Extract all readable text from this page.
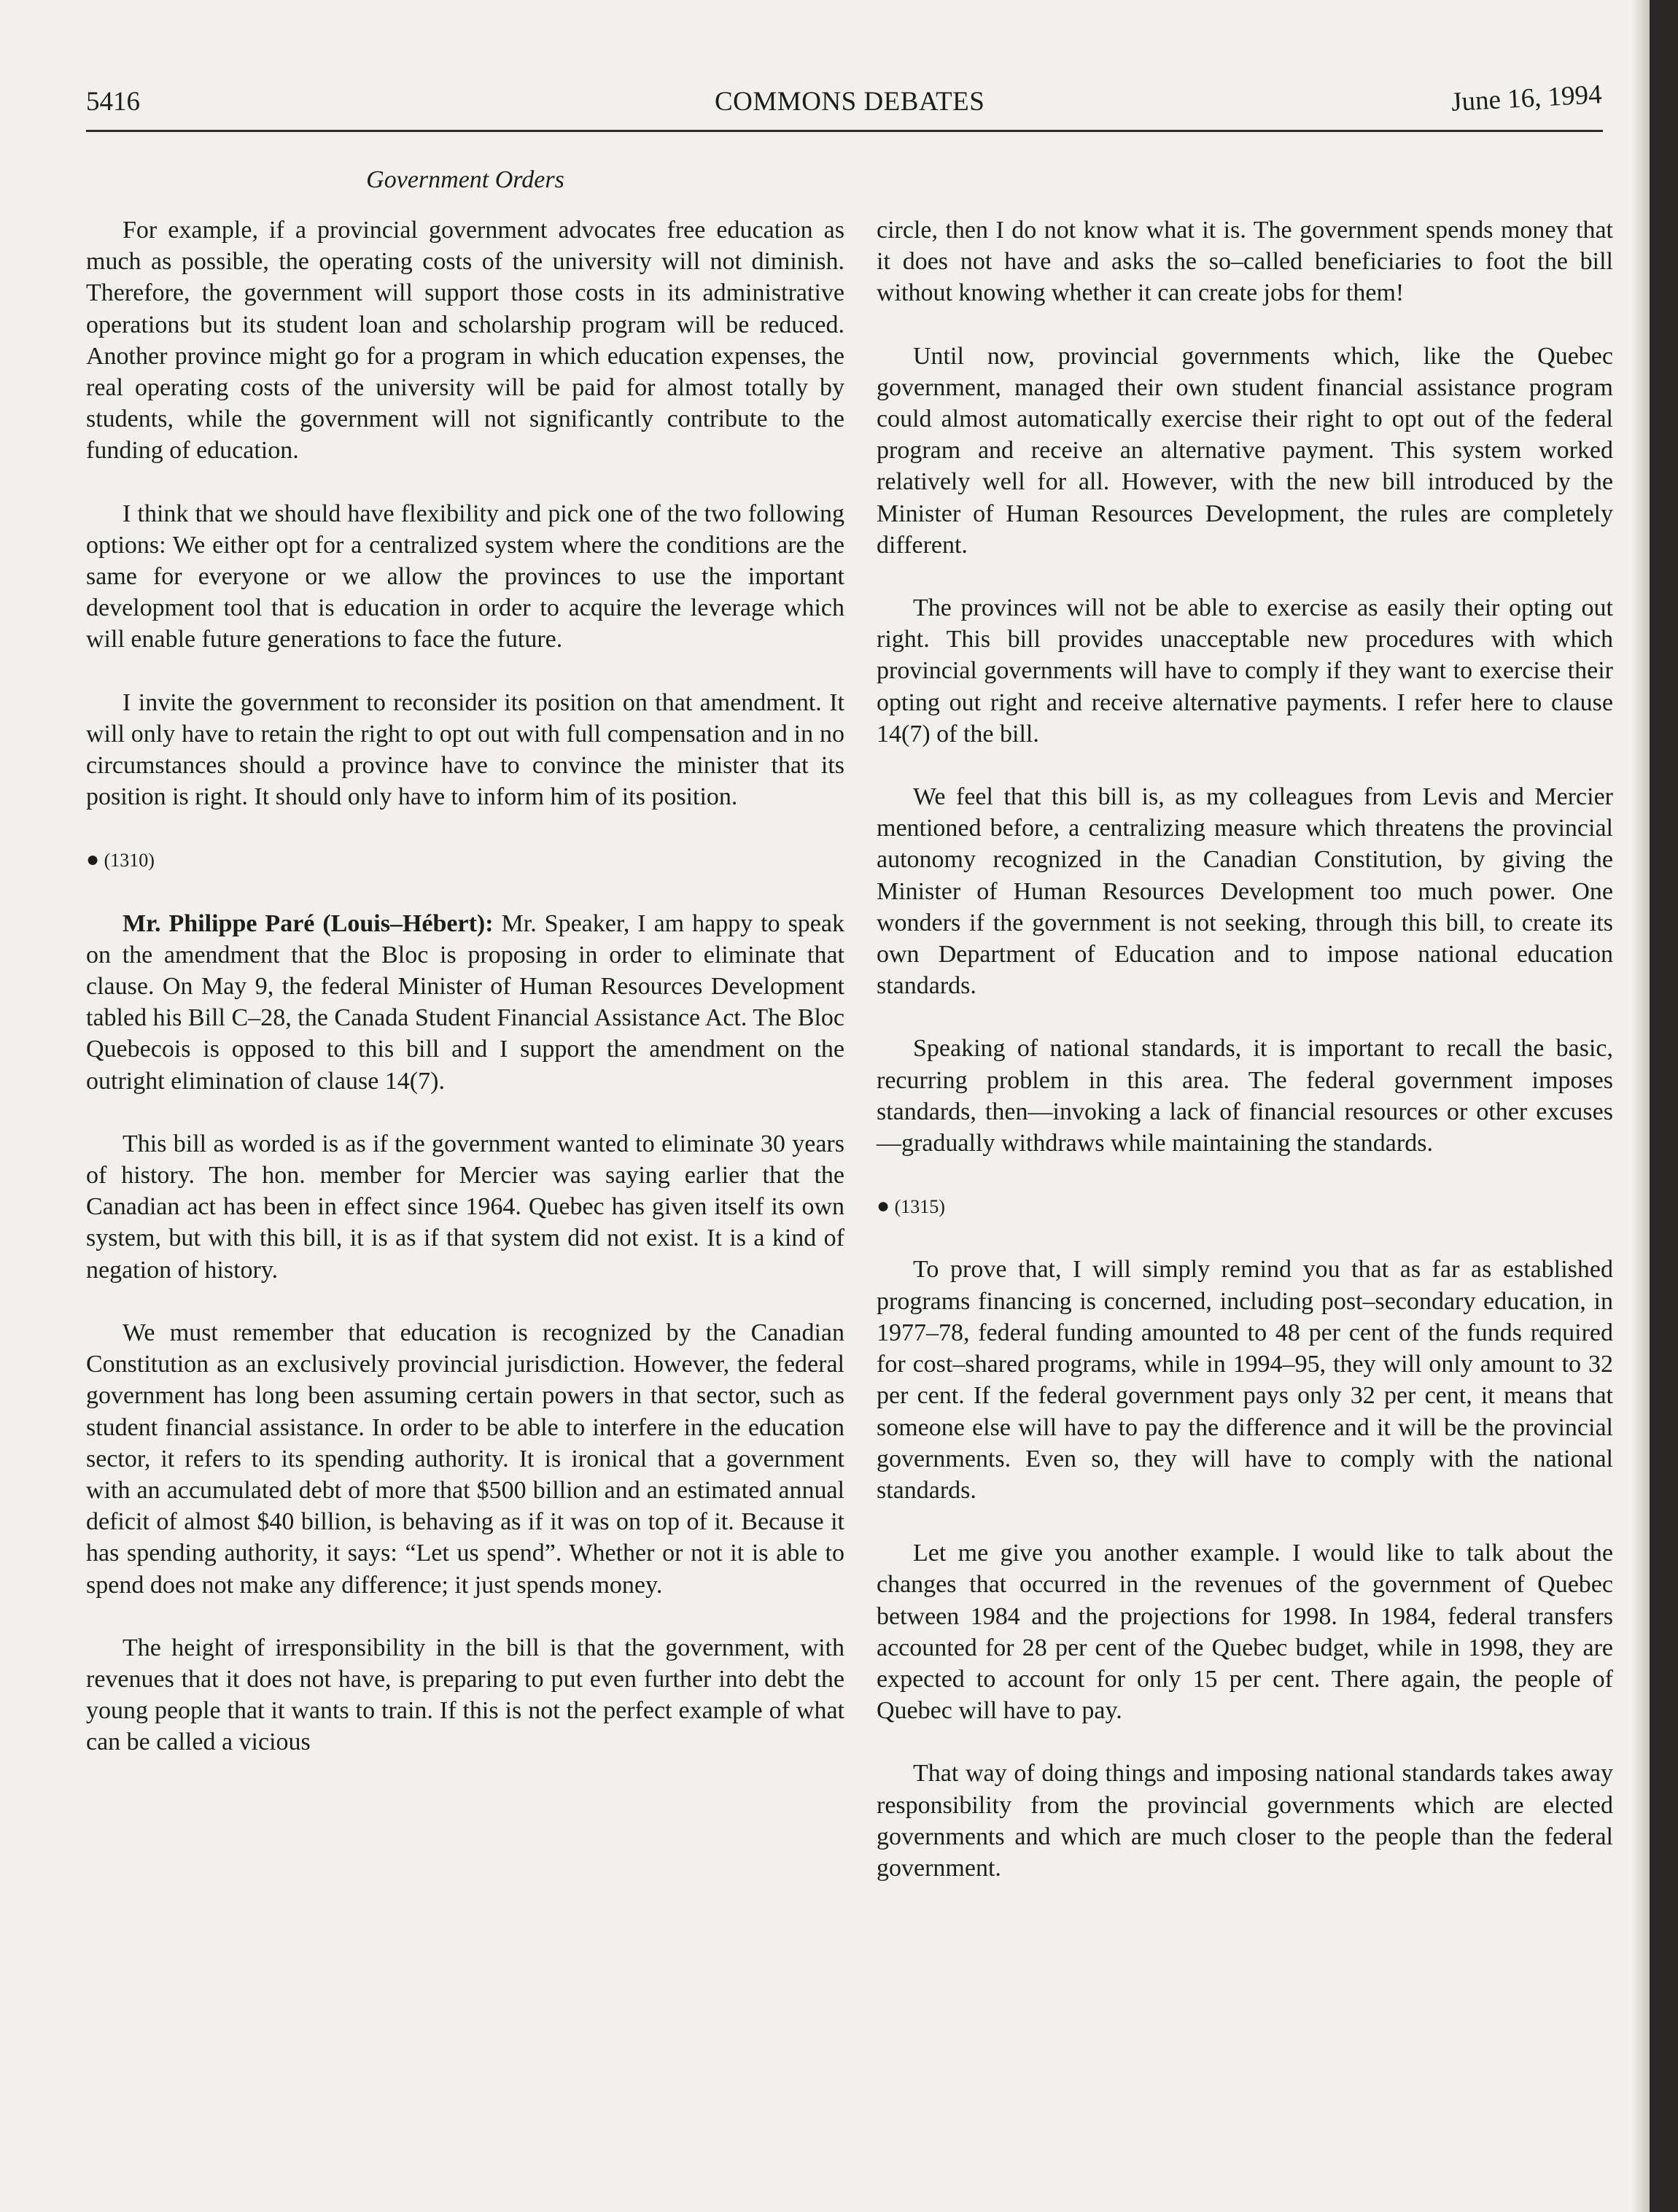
5416	COMMONS DEBATES	June 16, 1994
Government Orders

For example, if a provincial government advocates free education as much as possible, the operating costs of the university will not diminish. Therefore, the government will support those costs in its administrative operations but its student loan and scholarship program will be reduced. Another province might go for a program in which education expenses, the real operating costs of the university will be paid for almost totally by students, while the government will not significantly contribute to the funding of education.

I think that we should have flexibility and pick one of the two following options: We either opt for a centralized system where the conditions are the same for everyone or we allow the provinces to use the important development tool that is education in order to acquire the leverage which will enable future generations to face the future.

I invite the government to reconsider its position on that amendment. It will only have to retain the right to opt out with full compensation and in no circumstances should a province have to convince the minister that its position is right. It should only have to inform him of its position.

● (1310)

Mr. Philippe Paré (Louis–Hébert): Mr. Speaker, I am happy to speak on the amendment that the Bloc is proposing in order to eliminate that clause. On May 9, the federal Minister of Human Resources Development tabled his Bill C–28, the Canada Student Financial Assistance Act. The Bloc Quebecois is opposed to this bill and I support the amendment on the outright elimination of clause 14(7).

This bill as worded is as if the government wanted to eliminate 30 years of history. The hon. member for Mercier was saying earlier that the Canadian act has been in effect since 1964. Quebec has given itself its own system, but with this bill, it is as if that system did not exist. It is a kind of negation of history.

We must remember that education is recognized by the Canadian Constitution as an exclusively provincial jurisdiction. However, the federal government has long been assuming certain powers in that sector, such as student financial assistance. In order to be able to interfere in the education sector, it refers to its spending authority. It is ironical that a government with an accumulated debt of more that $500 billion and an estimated annual deficit of almost $40 billion, is behaving as if it was on top of it. Because it has spending authority, it says: “Let us spend”. Whether or not it is able to spend does not make any difference; it just spends money.

The height of irresponsibility in the bill is that the government, with revenues that it does not have, is preparing to put even further into debt the young people that it wants to train. If this is not the perfect example of what can be called a vicious

circle, then I do not know what it is. The government spends money that it does not have and asks the so–called beneficiaries to foot the bill without knowing whether it can create jobs for them!

Until now, provincial governments which, like the Quebec government, managed their own student financial assistance program could almost automatically exercise their right to opt out of the federal program and receive an alternative payment. This system worked relatively well for all. However, with the new bill introduced by the Minister of Human Resources Development, the rules are completely different.

The provinces will not be able to exercise as easily their opting out right. This bill provides unacceptable new procedures with which provincial governments will have to comply if they want to exercise their opting out right and receive alternative payments. I refer here to clause 14(7) of the bill.

We feel that this bill is, as my colleagues from Levis and Mercier mentioned before, a centralizing measure which threatens the provincial autonomy recognized in the Canadian Constitution, by giving the Minister of Human Resources Development too much power. One wonders if the government is not seeking, through this bill, to create its own Department of Education and to impose national education standards.

Speaking of national standards, it is important to recall the basic, recurring problem in this area. The federal government imposes standards, then—invoking a lack of financial resources or other excuses—gradually withdraws while maintaining the standards.

● (1315)

To prove that, I will simply remind you that as far as established programs financing is concerned, including post–secondary education, in 1977–78, federal funding amounted to 48 per cent of the funds required for cost–shared programs, while in 1994–95, they will only amount to 32 per cent. If the federal government pays only 32 per cent, it means that someone else will have to pay the difference and it will be the provincial governments. Even so, they will have to comply with the national standards.

Let me give you another example. I would like to talk about the changes that occurred in the revenues of the government of Quebec between 1984 and the projections for 1998. In 1984, federal transfers accounted for 28 per cent of the Quebec budget, while in 1998, they are expected to account for only 15 per cent. There again, the people of Quebec will have to pay.

That way of doing things and imposing national standards takes away responsibility from the provincial governments which are elected governments and which are much closer to the people than the federal government.
